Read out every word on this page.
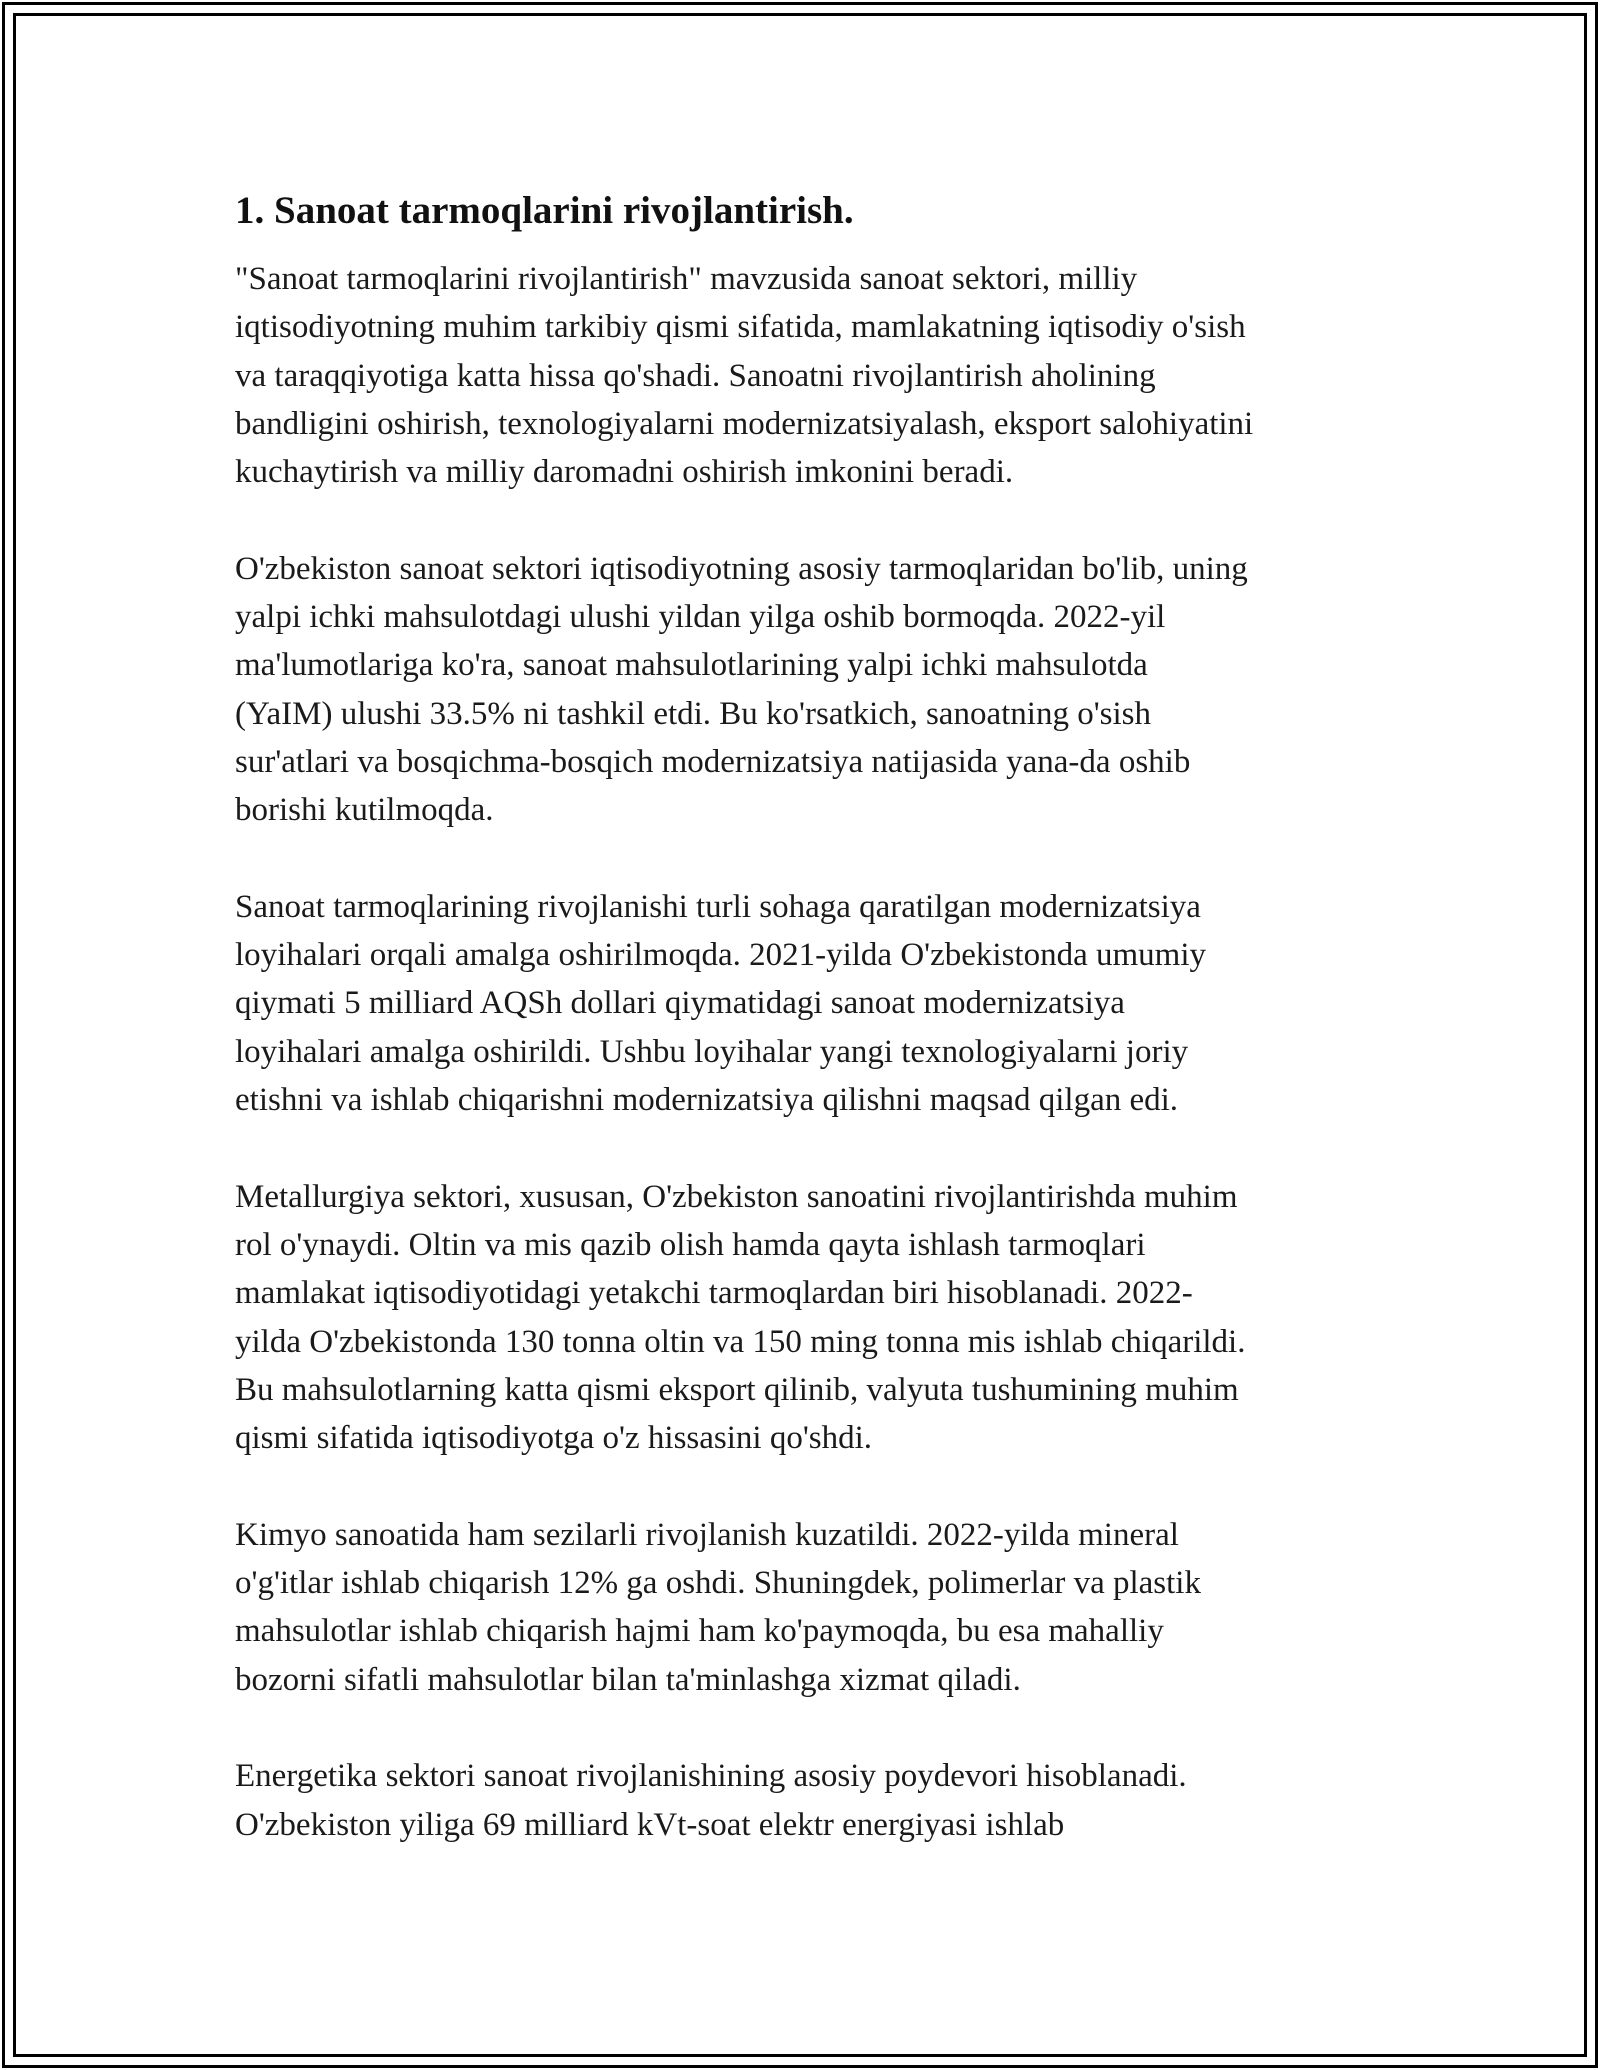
1. Sanoat tarmoqlarini rivojlantirish.

"Sanoat tarmoqlarini rivojlantirish" mavzusida sanoat sektori, milliy
iqtisodiyotning muhim tarkibiy qismi sifatida, mamlakatning iqtisodiy o'sish
va taraqqiyotiga katta hissa qo'shadi. Sanoatni rivojlantirish aholining
bandligini oshirish, texnologiyalarni modernizatsiyalash, eksport salohiyatini
kuchaytirish va milliy daromadni oshirish imkonini beradi.

O'zbekiston sanoat sektori iqtisodiyotning asosiy tarmoqlaridan bo'lib, uning
yalpi ichki mahsulotdagi ulushi yildan yilga oshib bormoqda. 2022-yil
ma'lumotlariga ko'ra, sanoat mahsulotlarining yalpi ichki mahsulotda
(YaIM) ulushi 33.5% ni tashkil etdi. Bu ko'rsatkich, sanoatning o'sish
sur'atlari va bosqichma-bosqich modernizatsiya natijasida yana-da oshib
borishi kutilmoqda.

Sanoat tarmoqlarining rivojlanishi turli sohaga qaratilgan modernizatsiya
loyihalari orqali amalga oshirilmoqda. 2021-yilda O'zbekistonda umumiy
qiymati 5 milliard AQSh dollari qiymatidagi sanoat modernizatsiya
loyihalari amalga oshirildi. Ushbu loyihalar yangi texnologiyalarni joriy
etishni va ishlab chiqarishni modernizatsiya qilishni maqsad qilgan edi.

Metallurgiya sektori, xususan, O'zbekiston sanoatini rivojlantirishda muhim
rol o'ynaydi. Oltin va mis qazib olish hamda qayta ishlash tarmoqlari
mamlakat iqtisodiyotidagi yetakchi tarmoqlardan biri hisoblanadi. 2022-
yilda O'zbekistonda 130 tonna oltin va 150 ming tonna mis ishlab chiqarildi.
Bu mahsulotlarning katta qismi eksport qilinib, valyuta tushumining muhim
qismi sifatida iqtisodiyotga o'z hissasini qo'shdi.

Kimyo sanoatida ham sezilarli rivojlanish kuzatildi. 2022-yilda mineral
o'g'itlar ishlab chiqarish 12% ga oshdi. Shuningdek, polimerlar va plastik
mahsulotlar ishlab chiqarish hajmi ham ko'paymoqda, bu esa mahalliy
bozorni sifatli mahsulotlar bilan ta'minlashga xizmat qiladi.

Energetika sektori sanoat rivojlanishining asosiy poydevori hisoblanadi.
O'zbekiston yiliga 69 milliard kVt-soat elektr energiyasi ishlab
